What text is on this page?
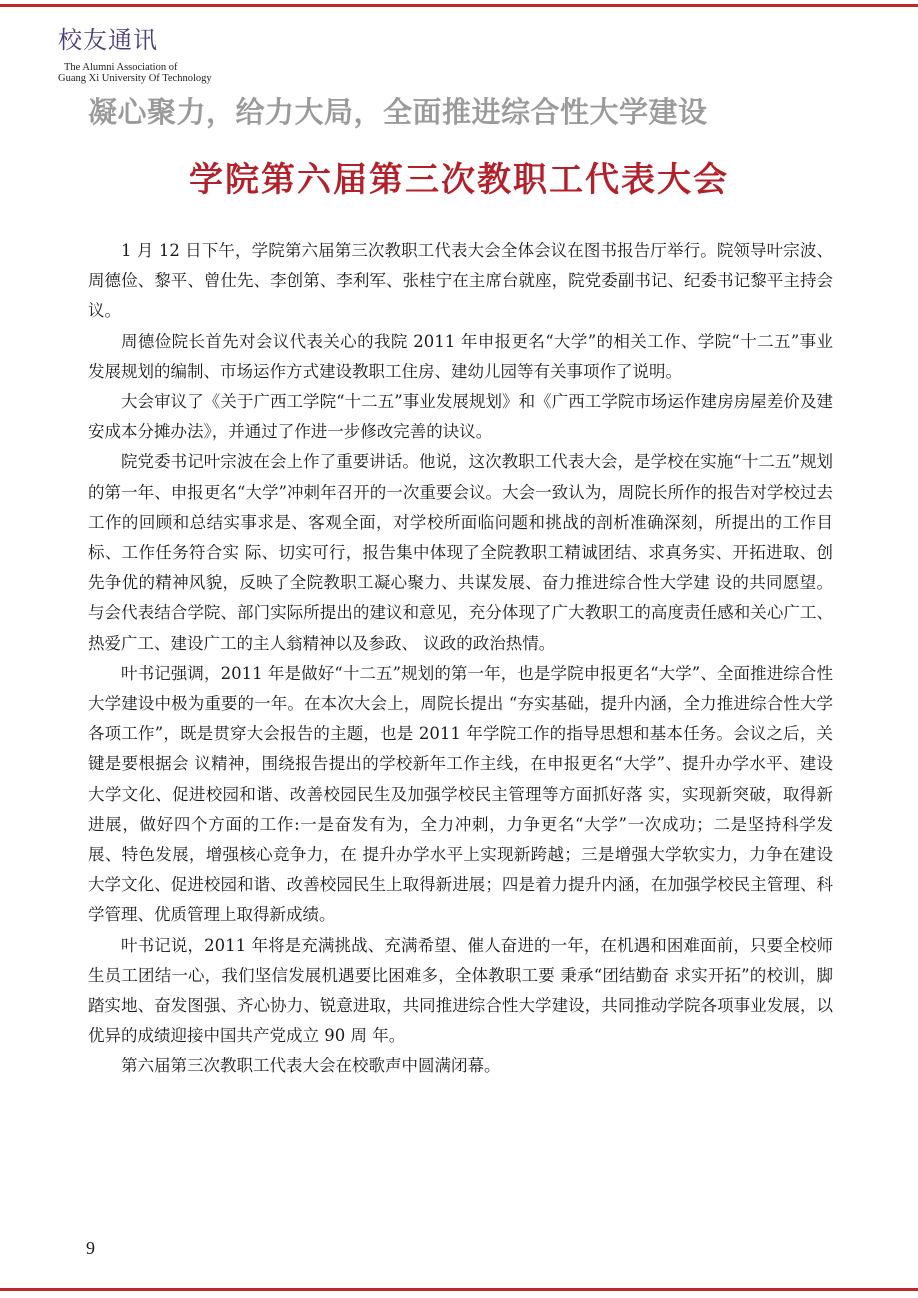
校友通讯
The Alumni Association of
Guang Xi University Of Technology
凝心聚力，给力大局，全面推进综合性大学建设
学院第六届第三次教职工代表大会

1 月 12 日下午，学院第六届第三次教职工代表大会全体会议在图书报告厅举行。院领导叶宗波、周德俭、黎平、曾仕先、李创第、李利军、张桂宁在主席台就座，院党委副书记、纪委书记黎平主持会议。

周德俭院长首先对会议代表关心的我院 2011 年申报更名“大学”的相关工作、学院“十二五”事业发展规划的编制、市场运作方式建设教职工住房、建幼儿园等有关事项作了说明。

大会审议了《关于广西工学院“十二五”事业发展规划》和《广西工学院市场运作建房房屋差价及建安成本分摊办法》，并通过了作进一步修改完善的诀议。

院党委书记叶宗波在会上作了重要讲话。他说，这次教职工代表大会，是学校在实施“十二五”规划的第一年、申报更名“大学”冲刺年召开的一次重要会议。大会一致认为，周院长所作的报告对学校过去工作的回顾和总结实事求是、客观全面，对学校所面临问题和挑战的剖析准确深刻，所提出的工作目标、工作任务符合实 际、切实可行，报告集中体现了全院教职工精诚团结、求真务实、开拓进取、创先争优的精神风貌，反映了全院教职工凝心聚力、共谋发展、奋力推进综合性大学建 设的共同愿望。与会代表结合学院、部门实际所提出的建议和意见，充分体现了广大教职工的高度责任感和关心广工、热爱广工、建设广工的主人翁精神以及参政、 议政的政治热情。

叶书记强调，2011 年是做好“十二五”规划的第一年，也是学院申报更名“大学”、全面推进综合性大学建设中极为重要的一年。在本次大会上，周院长提出 “夯实基础，提升内涵，全力推进综合性大学各项工作”，既是贯穿大会报告的主题，也是 2011 年学院工作的指导思想和基本任务。会议之后，关键是要根据会 议精神，围绕报告提出的学校新年工作主线，在申报更名“大学”、提升办学水平、建设大学文化、促进校园和谐、改善校园民生及加强学校民主管理等方面抓好落 实，实现新突破，取得新进展，做好四个方面的工作:一是奋发有为，全力冲刺，力争更名“大学”一次成功；二是坚持科学发展、特色发展，增强核心竞争力，在 提升办学水平上实现新跨越；三是增强大学软实力，力争在建设大学文化、促进校园和谐、改善校园民生上取得新进展；四是着力提升内涵，在加强学校民主管理、科学管理、优质管理上取得新成绩。

叶书记说，2011 年将是充满挑战、充满希望、催人奋进的一年，在机遇和困难面前，只要全校师生员工团结一心，我们坚信发展机遇要比困难多，全体教职工要 秉承“团结勤奋 求实开拓”的校训，脚踏实地、奋发图强、齐心协力、锐意进取，共同推进综合性大学建设，共同推动学院各项事业发展，以优异的成绩迎接中国共产党成立 90 周 年。

第六届第三次教职工代表大会在校歌声中圆满闭幕。

9
